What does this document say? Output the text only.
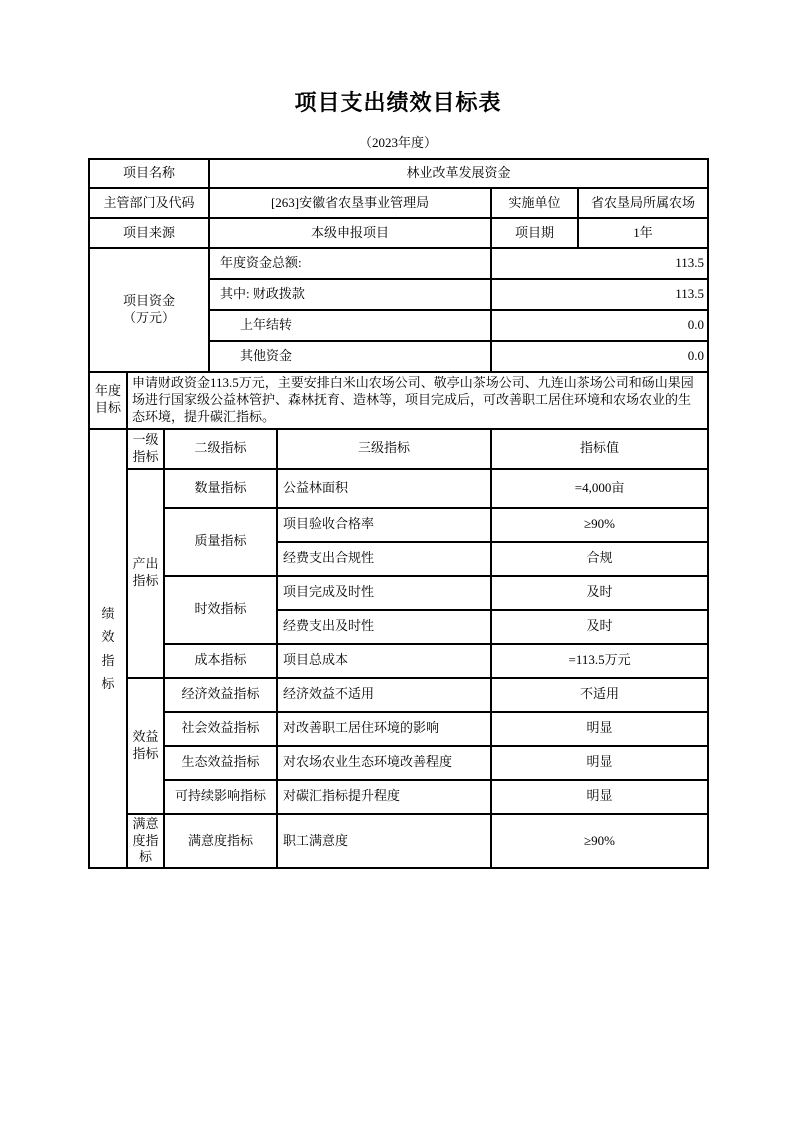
项目支出绩效目标表
（2023年度）
项目名称			林业改革发展资金			
主管部门及代码			[263]安徽省农垦事业管理局		实施单位	省农垦局所属农场
项目来源			本级申报项目		项目期	1年
项目资金（万元）			年度资金总额:		113.5	
			其中: 财政拨款		113.5	
			上年结转		0.0	
			其他资金		0.0	
年度目标	申请财政资金113.5万元，主要安排白米山农场公司、敬亭山茶场公司、九连山茶场公司和砀山果园场进行国家级公益林管护、森林抚育、造林等，项目完成后，可改善职工居住环境和农场农业的生态环境，提升碳汇指标。					
绩效指标	一级指标	二级指标		三级指标	指标值	
	产出指标	数量指标		公益林面积	=4,000亩	
		质量指标		项目验收合格率	≥90%	
				经费支出合规性	合规	
		时效指标		项目完成及时性	及时	
				经费支出及时性	及时	
		成本指标		项目总成本	=113.5万元	
	效益指标	经济效益指标		经济效益不适用	不适用	
		社会效益指标		对改善职工居住环境的影响	明显	
		生态效益指标		对农场农业生态环境改善程度	明显	
		可持续影响指标		对碳汇指标提升程度	明显	
	满意度指标	满意度指标		职工满意度	≥90%	
